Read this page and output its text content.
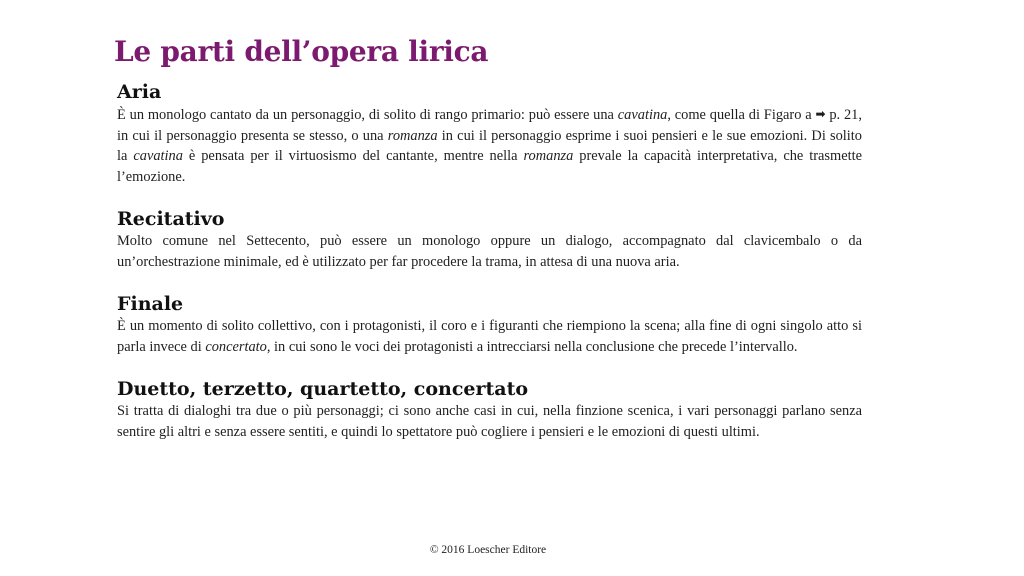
Le parti dell’opera lirica
Aria

È un monologo cantato da un personaggio, di solito di rango primario: può essere una cavatina, come quella di Figaro a ➡ p. 21, in cui il personaggio presenta se stesso, o una romanza in cui il personaggio esprime i suoi pensieri e le sue emozioni. Di solito la cavatina è pensata per il virtuosismo del cantante, mentre nella romanza prevale la capacità interpretativa, che trasmette l’emozione.

Recitativo

Molto comune nel Settecento, può essere un monologo oppure un dialogo, accompagnato dal clavicembalo o da un’orchestrazione minimale, ed è utilizzato per far procedere la trama, in attesa di una nuova aria.

Finale

È un momento di solito collettivo, con i protagonisti, il coro e i figuranti che riempiono la scena; alla fine di ogni singolo atto si parla invece di concertato, in cui sono le voci dei protagonisti a intrecciarsi nella conclusione che precede l’intervallo.

Duetto, terzetto, quartetto, concertato

Si tratta di dialoghi tra due o più personaggi; ci sono anche casi in cui, nella finzione scenica, i vari personaggi parlano senza sentire gli altri e senza essere sentiti, e quindi lo spettatore può cogliere i pensieri e le emozioni di questi ultimi.

© 2016 Loescher Editore
